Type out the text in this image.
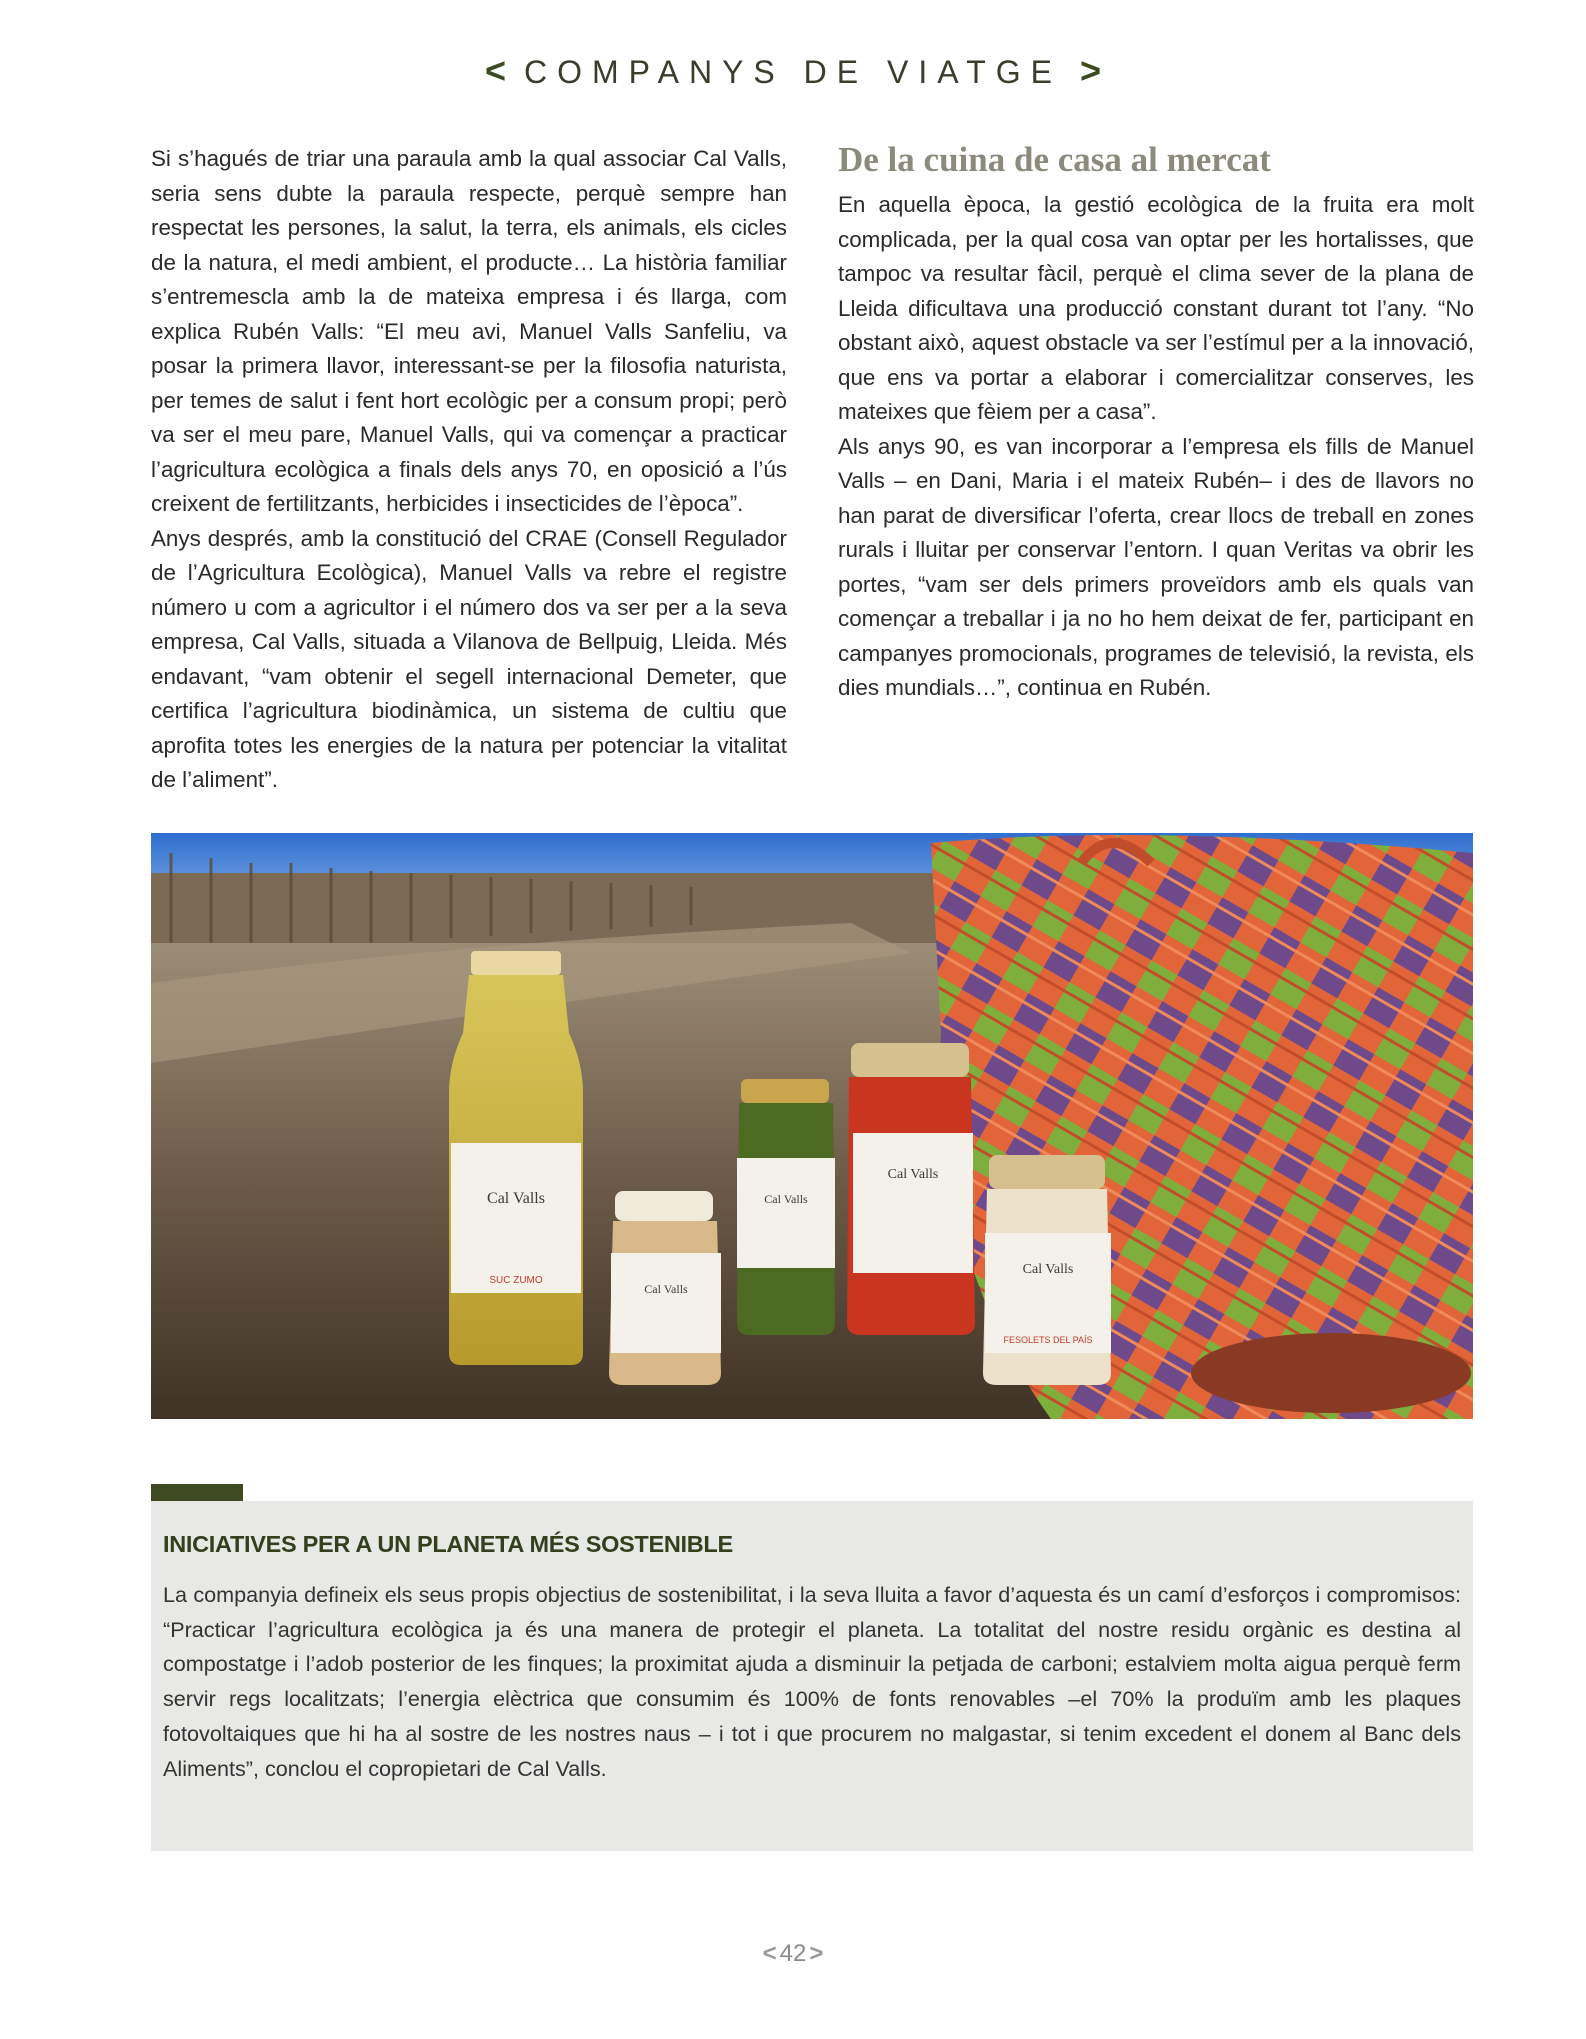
< COMPANYS DE VIATGE >

Si s’hagués de triar una paraula amb la qual associar Cal Valls, seria sens dubte la paraula respecte, perquè sempre han respectat les persones, la salut, la terra, els animals, els cicles de la natura, el medi ambient, el producte… La història familiar s’entremescla amb la de mateixa empresa i és llarga, com explica Rubén Valls: “El meu avi, Manuel Valls Sanfeliu, va posar la primera llavor, interessant-se per la filosofia naturista, per temes de salut i fent hort ecològic per a consum propi; però va ser el meu pare, Manuel Valls, qui va començar a practicar l’agricultura ecològica a finals dels anys 70, en oposició a l’ús creixent de fertilitzants, herbicides i insecticides de l’època”.

Anys després, amb la constitució del CRAE (Consell Regulador de l’Agricultura Ecològica), Manuel Valls va rebre el registre número u com a agricultor i el número dos va ser per a la seva empresa, Cal Valls, situada a Vilanova de Bellpuig, Lleida. Més endavant, “vam obtenir el segell internacional Demeter, que certifica l’agricultura biodinàmica, un sistema de cultiu que aprofita totes les energies de la natura per potenciar la vitalitat de l’aliment”.

De la cuina de casa al mercat

En aquella època, la gestió ecològica de la fruita era molt complicada, per la qual cosa van optar per les hortalisses, que tampoc va resultar fàcil, perquè el clima sever de la plana de Lleida dificultava una producció constant durant tot l’any. “No obstant això, aquest obstacle va ser l’estímul per a la innovació, que ens va portar a elaborar i comercialitzar conserves, les mateixes que fèiem per a casa”.

Als anys 90, es van incorporar a l’empresa els fills de Manuel Valls – en Dani, Maria i el mateix Rubén– i des de llavors no han parat de diversificar l’oferta, crear llocs de treball en zones rurals i lluitar per conservar l’entorn. I quan Veritas va obrir les portes, “vam ser dels primers proveïdors amb els quals van començar a treballar i ja no ho hem deixat de fer, participant en campanyes promocionals, programes de televisió, la revista, els dies mundials…”, continua en Rubén.

Cal Valls
SUC ZUMO
Cal Valls
Cal Valls
Cal Valls
Cal Valls
FESOLETS DEL PAÍS
INICIATIVES PER A UN PLANETA MÉS SOSTENIBLE
La companyia defineix els seus propis objectius de sostenibilitat, i la seva lluita a favor d’aquesta és un camí d’esforços i compromisos: “Practicar l’agricultura ecològica ja és una manera de protegir el planeta. La totalitat del nostre residu orgànic es destina al compostatge i l’adob posterior de les finques; la proximitat ajuda a disminuir la petjada de carboni; estalviem molta aigua perquè ferm servir regs localitzats; l’energia elèctrica que consumim és 100% de fonts renovables –el 70% la produïm amb les plaques fotovoltaiques que hi ha al sostre de les nostres naus – i tot i que procurem no malgastar, si tenim excedent el donem al Banc dels Aliments”, conclou el copropietari de Cal Valls.
< 42 >
